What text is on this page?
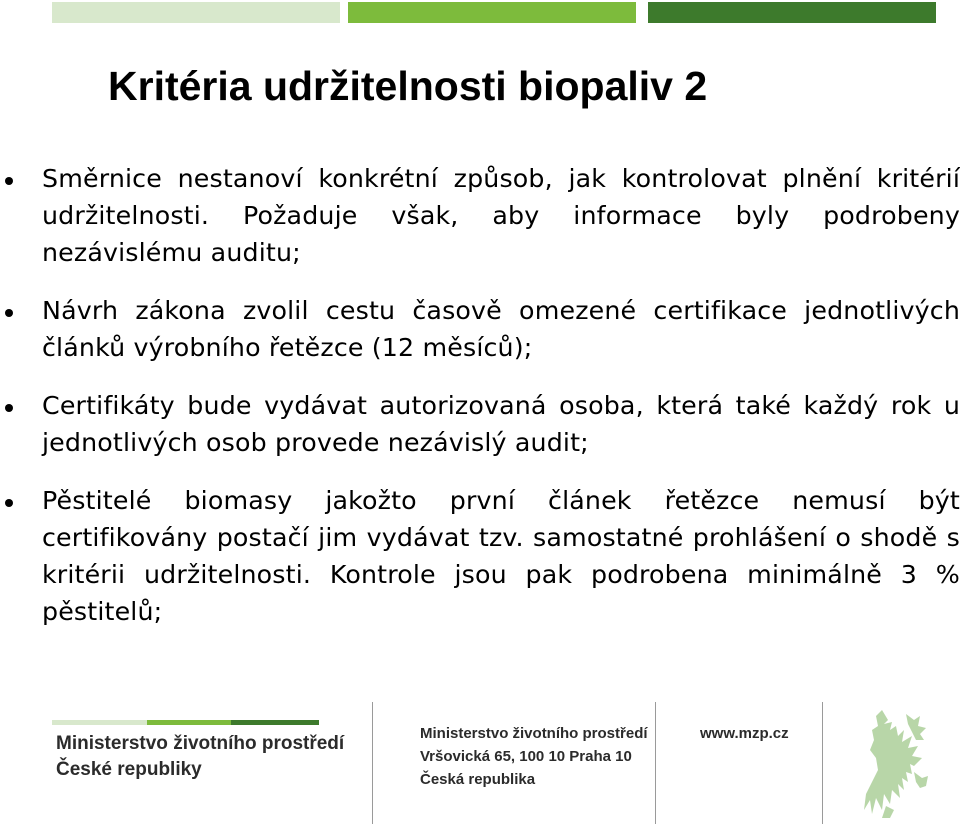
Kritéria udržitelnosti biopaliv 2
Směrnice nestanoví konkrétní způsob, jak kontrolovat plnění kritérií udržitelnosti. Požaduje však, aby informace byly podrobeny nezávislému auditu;
Návrh zákona zvolil cestu časově omezené certifikace jednotlivých článků výrobního řetězce (12 měsíců);
Certifikáty bude vydávat autorizovaná osoba, která také každý rok u jednotlivých osob provede nezávislý audit;
Pěstitelé biomasy jakožto první článek řetězce nemusí být certifikovány postačí jim vydávat tzv. samostatné prohlášení o shodě s kritérii udržitelnosti. Kontrole jsou pak podrobena minimálně 3 % pěstitelů;
Ministerstvo životního prostředí
České republiky
Ministerstvo životního prostředí
Vršovická 65, 100 10 Praha 10
Česká republika
www.mzp.cz
